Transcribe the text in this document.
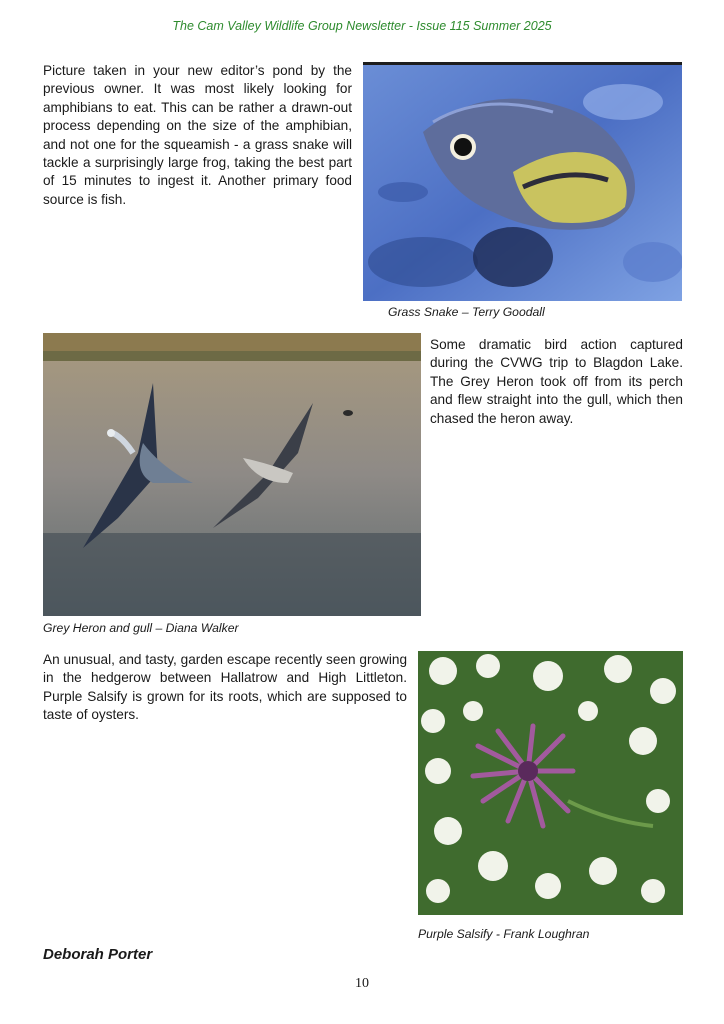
The Cam Valley Wildlife Group Newsletter - Issue 115 Summer 2025

Picture taken in your new editor’s pond by the previous owner. It was most likely looking for amphibians to eat. This can be rather a drawn-out process depending on the size of the amphibian, and not one for the squeamish - a grass snake will tackle a surprisingly large frog, taking the best part of 15 minutes to ingest it. Another primary food source is fish.

Grass Snake – Terry Goodall

Some dramatic bird action captured during the CVWG trip to Blagdon Lake. The Grey Heron took off from its perch and flew straight into the gull, which then chased the heron away.

Grey Heron and gull – Diana Walker

An unusual, and tasty, garden escape recently seen growing in the hedgerow between Hallatrow and High Littleton. Purple Salsify is grown for its roots, which are supposed to taste of oysters.

Purple Salsify - Frank Loughran
Deborah Porter
10
